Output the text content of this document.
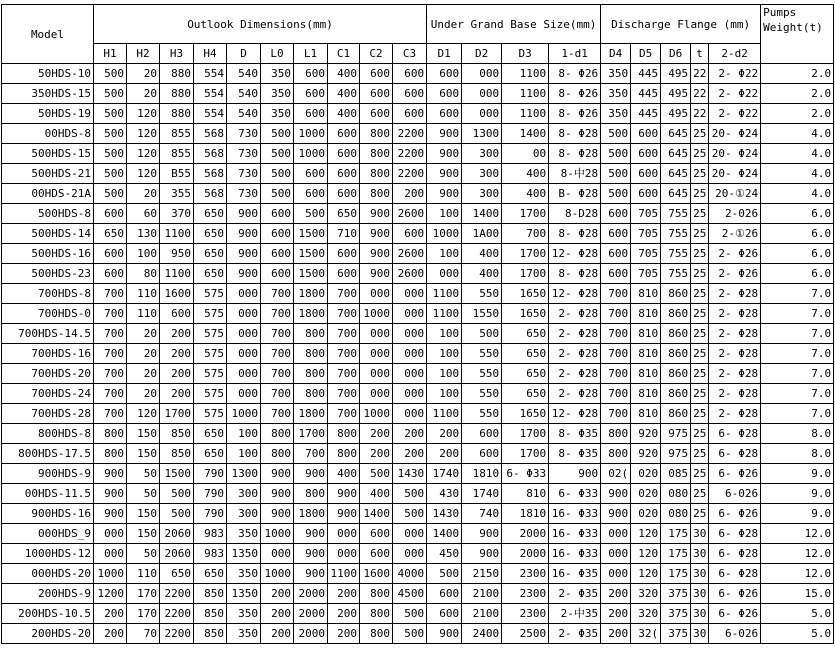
Model	Outlook Dimensions(mm)										Under Grand Base Size(mm)				Discharge Flange (mm)					Pumps Weight(t)
	H1	H2	H3	H4	D	L0	L1	C1	C2	C3	D1	D2	D3	1-d1	D4	D5	D6	t	2-d2	
50HDS-10	500	20	880	554	540	350	600	400	600	600	600	000	1100	8- Φ26	350	445	495	22	2- Φ22	2.0
350HDS-15	500	20	880	554	540	350	600	400	600	600	600	000	1100	8- Φ26	350	445	495	22	2- Φ22	2.0
50HDS-19	500	120	880	554	540	350	600	400	600	600	600	000	1100	8- Φ26	350	445	495	22	2- Φ22	2.0
00HDS-8	500	120	855	568	730	500	1000	600	800	2200	900	1300	1400	8- Φ28	500	600	645	25	20- Φ24	4.0
500HDS-15	500	120	855	568	730	500	1000	600	800	2200	900	300	00	8- Φ28	500	600	645	25	20- Φ24	4.0
500HDS-21	500	120	B55	568	730	500	600	600	800	2200	900	300	400	8-中28	500	600	645	25	20- Φ24	4.0
00HDS-21A	500	20	355	568	730	500	600	600	800	200	900	300	400	B- Φ28	500	600	645	25	20-①24	4.0
500HDS-8	600	60	370	650	900	600	500	650	900	2600	100	1400	1700	8-D28	600	705	755	25	2-026	6.0
500HDS-14	650	130	1100	650	900	600	1500	710	900	600	1000	1A00	700	8- Φ28	600	705	755	25	2-①26	6.0
500HDS-16	600	100	950	650	900	600	1500	600	900	2600	100	400	1700	12- Φ28	600	705	755	25	2- Φ26	6.0
500HDS-23	600	80	1100	650	900	600	1500	600	900	2600	000	400	1700	8- Φ28	600	705	755	25	2- Φ26	6.0
700HDS-8	700	110	1600	575	000	700	1800	700	000	000	1100	550	1650	12- Φ28	700	810	860	25	2- Φ28	7.0
700HDS-0	700	110	600	575	000	700	1800	700	1000	000	1100	1550	1650	2- Φ28	700	810	860	25	2- Φ28	7.0
700HDS-14.5	700	20	200	575	000	700	800	700	000	000	100	500	650	2- Φ28	700	810	860	25	2- Φ28	7.0
700HDS-16	700	20	200	575	000	700	800	700	000	000	100	550	650	2- Φ28	700	810	860	25	2- Φ28	7.0
700HDS-20	700	20	200	575	000	700	800	700	000	000	100	550	650	2- Φ28	700	810	860	25	2- Φ28	7.0
700HDS-24	700	20	200	575	000	700	800	700	000	000	100	550	650	2- Φ28	700	810	860	25	2- Φ28	7.0
700HDS-28	700	120	1700	575	1000	700	1800	700	1000	000	1100	550	1650	12- Φ28	700	810	860	25	2- Φ28	7.0
800HDS-8	800	150	850	650	100	800	1700	800	200	200	200	600	1700	8- Φ35	800	920	975	25	6- Φ28	8.0
800HDS-17.5	800	150	850	650	100	800	700	800	200	200	200	600	1700	8- Φ35	800	920	975	25	6- Φ28	8.0
900HDS-9	900	50	1500	790	1300	900	900	400	500	1430	1740	1810	6- Φ33	900	02(	020	085	25	6- Φ26	9.0
00HDS-11.5	900	50	500	790	300	900	800	900	400	500	430	1740	810	6- Φ33	900	020	080	25	6-026	9.0
900HDS-16	900	150	500	790	300	900	1800	900	1400	500	1430	740	1810	16- Φ33	900	020	080	25	6- Φ26	9.0
000HDS_9	000	150	2060	983	350	1000	900	000	600	000	1400	900	2000	16- Φ33	000	120	175	30	6- Φ28	12.0
1000HDS-12	000	50	2060	983	1350	000	900	000	600	000	450	900	2000	16- Φ33	000	120	175	30	6- Φ28	12.0
000HDS-20	1000	110	650	650	350	1000	900	1100	1600	4000	500	2150	2300	16- Φ35	000	120	175	30	6- Φ28	12.0
200HDS-9	1200	170	2200	850	1350	200	2000	200	800	4500	600	2100	2300	2- Φ35	200	320	375	30	6- Φ26	15.0
200HDS-10.5	200	170	2200	850	350	200	2000	200	800	500	600	2100	2300	2-中35	200	320	375	30	6- Φ26	5.0
200HDS-20	200	70	2200	850	350	200	2000	200	800	500	900	2400	2500	2- Φ35	200	32(	375	30	6-026	5.0
